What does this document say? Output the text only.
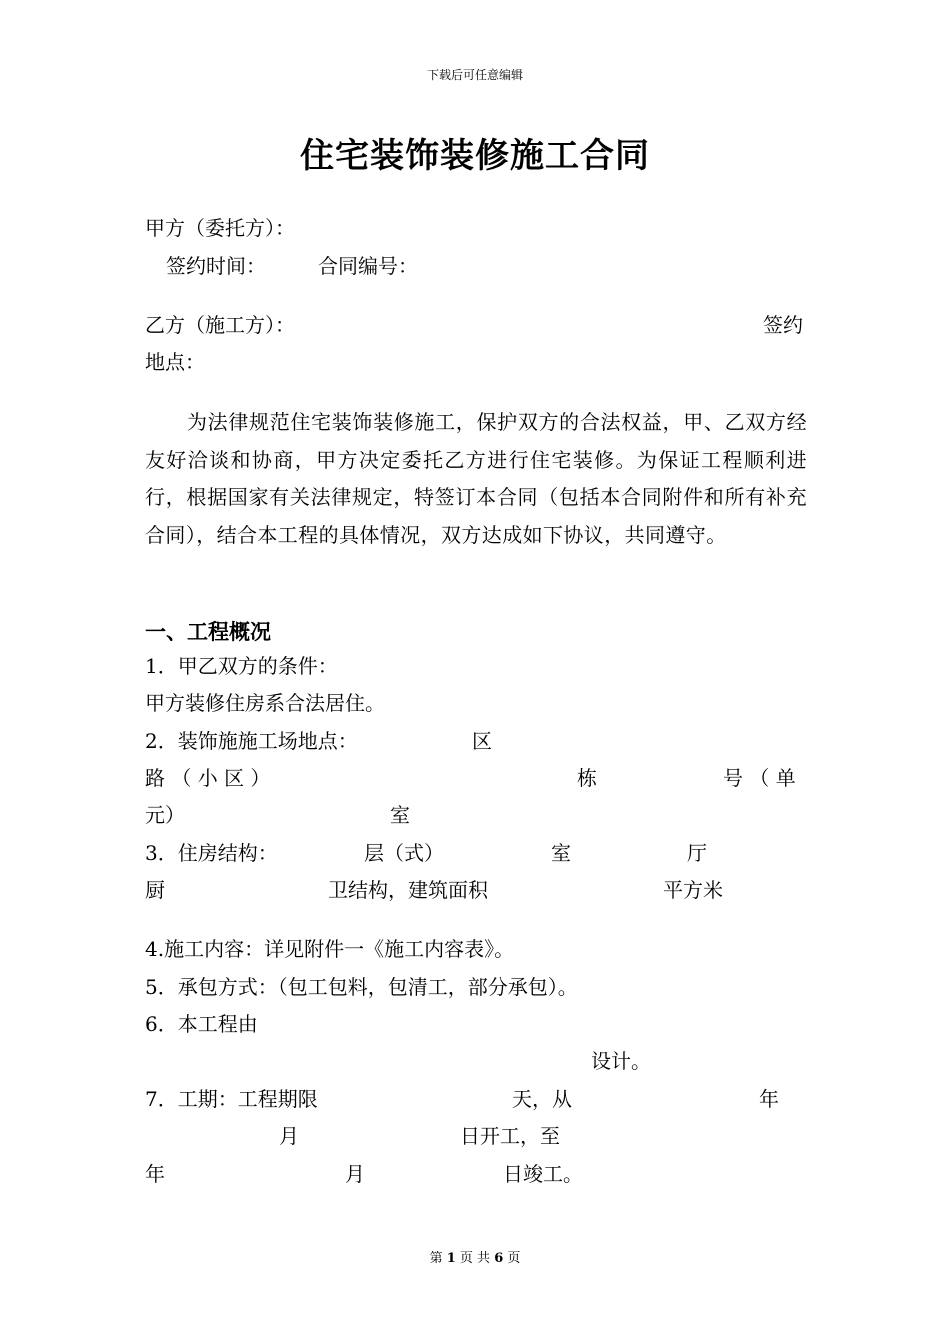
下载后可任意编辑
住宅装饰装修施工合同
甲方（委托方）：
签约时间：	合同编号：
乙方（施工方）：	签约
地点：
为法律规范住宅装饰装修施工，保护双方的合法权益，甲、乙双方经友好洽谈和协商，甲方决定委托乙方进行住宅装修。为保证工程顺利进行，根据国家有关法律规定，特签订本合同（包括本合同附件和所有补充合同），结合本工程的具体情况，双方达成如下协议，共同遵守。
一、工程概况
1．甲乙双方的条件：
甲方装修住房系合法居住。
2．装饰施施工场地点：	区
路 （ 小 区 ）	栋	号 （ 单
元）	室
3．住房结构：	层（式）	室	厅
厨	卫结构，建筑面积	平方米
4.施工内容：详见附件一《施工内容表》。
5．承包方式：（包工包料，包清工，部分承包）。
6．本工程由
设计。
7．工期：工程期限	天，从	年
月	日开工，至
年	月	日竣工。
第 1 页 共 6 页
